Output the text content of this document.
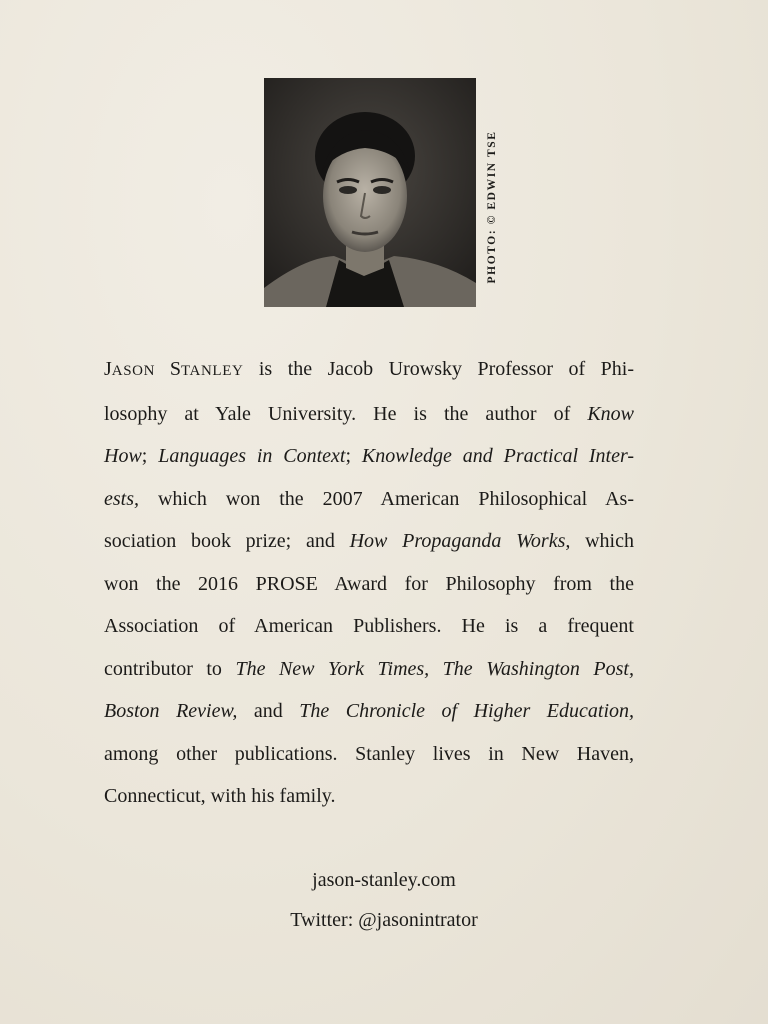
PHOTO: © EDWIN TSE
JASON STANLEY is the Jacob Urowsky Professor of Phi-
losophy at Yale University. He is the author of Know
How; Languages in Context; Knowledge and Practical Inter-
ests, which won the 2007 American Philosophical As-
sociation book prize; and How Propaganda Works, which
won the 2016 PROSE Award for Philosophy from the
Association of American Publishers. He is a frequent
contributor to The New York Times, The Washington Post,
Boston Review, and The Chronicle of Higher Education,
among other publications. Stanley lives in New Haven,
Connecticut, with his family.
jason-stanley.com
Twitter: @jasonintrator
